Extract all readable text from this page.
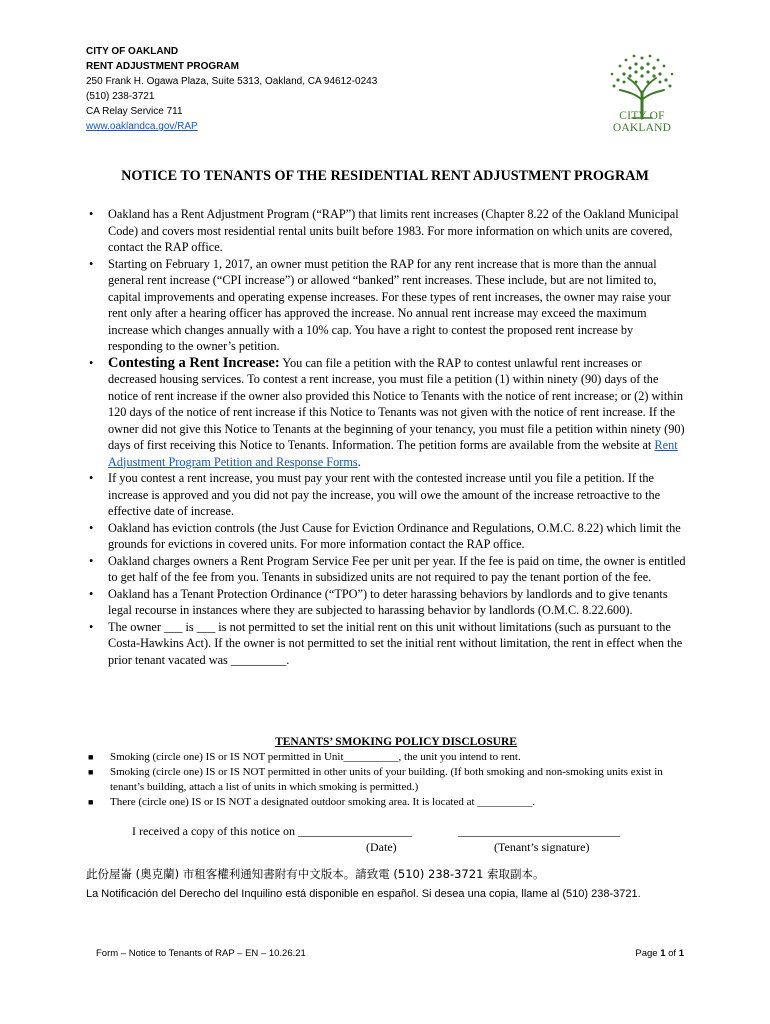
CITY OF OAKLAND
RENT ADJUSTMENT PROGRAM
250 Frank H. Ogawa Plaza, Suite 5313, Oakland, CA 94612-0243
(510) 238-3721
CA Relay Service 711
www.oaklandca.gov/RAP
CITY OF OAKLAND
NOTICE TO TENANTS OF THE RESIDENTIAL RENT ADJUSTMENT PROGRAM
• Oakland has a Rent Adjustment Program (“RAP”) that limits rent increases (Chapter 8.22 of the Oakland Municipal Code) and covers most residential rental units built before 1983. For more information on which units are covered, contact the RAP office.
• Starting on February 1, 2017, an owner must petition the RAP for any rent increase that is more than the annual general rent increase (“CPI increase”) or allowed “banked” rent increases. These include, but are not limited to, capital improvements and operating expense increases. For these types of rent increases, the owner may raise your rent only after a hearing officer has approved the increase. No annual rent increase may exceed the maximum increase which changes annually with a 10% cap. You have a right to contest the proposed rent increase by responding to the owner’s petition.
• Contesting a Rent Increase: You can file a petition with the RAP to contest unlawful rent increases or decreased housing services. To contest a rent increase, you must file a petition (1) within ninety (90) days of the notice of rent increase if the owner also provided this Notice to Tenants with the notice of rent increase; or (2) within 120 days of the notice of rent increase if this Notice to Tenants was not given with the notice of rent increase. If the owner did not give this Notice to Tenants at the beginning of your tenancy, you must file a petition within ninety (90) days of first receiving this Notice to Tenants. Information. The petition forms are available from the website at Rent Adjustment Program Petition and Response Forms.
• If you contest a rent increase, you must pay your rent with the contested increase until you file a petition. If the increase is approved and you did not pay the increase, you will owe the amount of the increase retroactive to the effective date of increase.
• Oakland has eviction controls (the Just Cause for Eviction Ordinance and Regulations, O.M.C. 8.22) which limit the grounds for evictions in covered units. For more information contact the RAP office.
• Oakland charges owners a Rent Program Service Fee per unit per year. If the fee is paid on time, the owner is entitled to get half of the fee from you. Tenants in subsidized units are not required to pay the tenant portion of the fee.
• Oakland has a Tenant Protection Ordinance (“TPO”) to deter harassing behaviors by landlords and to give tenants legal recourse in instances where they are subjected to harassing behavior by landlords (O.M.C. 8.22.600).
• The owner ___ is ___ is not permitted to set the initial rent on this unit without limitations (such as pursuant to the Costa-Hawkins Act). If the owner is not permitted to set the initial rent without limitation, the rent in effect when the prior tenant vacated was _________.
TENANTS’ SMOKING POLICY DISCLOSURE
■ Smoking (circle one) IS or IS NOT permitted in Unit__________, the unit you intend to rent.
■ Smoking (circle one) IS or IS NOT permitted in other units of your building. (If both smoking and non-smoking units exist in tenant’s building, attach a list of units in which smoking is permitted.)
■ There (circle one) IS or IS NOT a designated outdoor smoking area. It is located at __________.
I received a copy of this notice on ___________________	___________________________
(Date)	(Tenant’s signature)
此份屋崙 (奧克蘭) 市租客權利通知書附有中文版本。請致電 (510) 238-3721 索取副本。
La Notificación del Derecho del Inquilino está disponible en español. Si desea una copia, llame al (510) 238-3721.
Form – Notice to Tenants of RAP – EN – 10.26.21	Page 1 of 1
